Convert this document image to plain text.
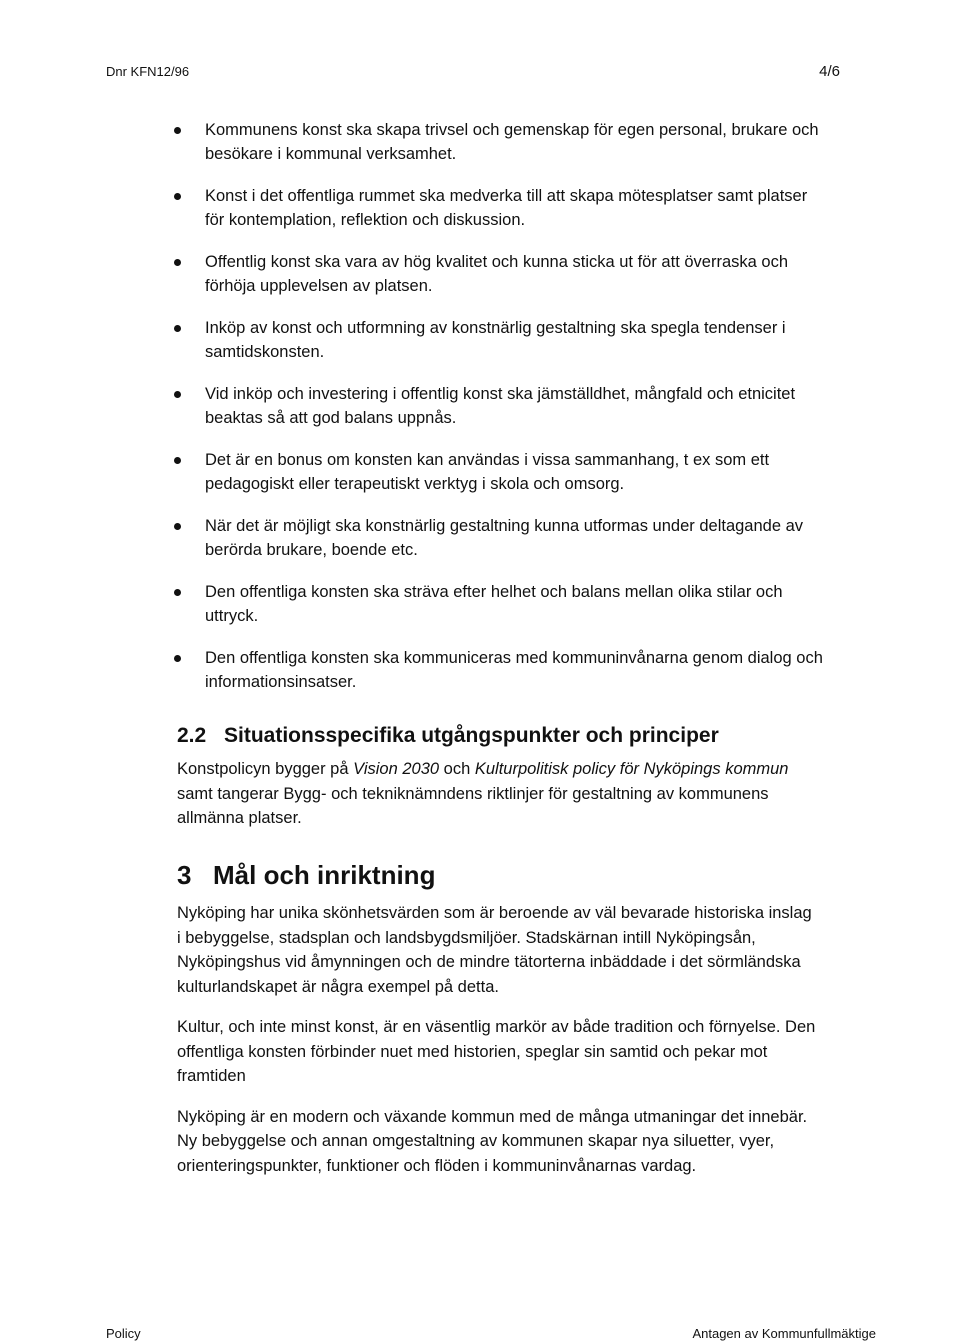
Dnr KFN12/96	4/6
Kommunens konst ska skapa trivsel och gemenskap för egen personal, brukare och besökare i kommunal verksamhet.
Konst i det offentliga rummet ska medverka till att skapa mötesplatser samt platser för kontemplation, reflektion och diskussion.
Offentlig konst ska vara av hög kvalitet och kunna sticka ut för att överraska och förhöja upplevelsen av platsen.
Inköp av konst och utformning av konstnärlig gestaltning ska spegla tendenser i samtidskonsten.
Vid inköp och investering i offentlig konst ska jämställdhet, mångfald och etnicitet beaktas så att god balans uppnås.
Det är en bonus om konsten kan användas i vissa sammanhang, t ex som ett pedagogiskt eller terapeutiskt verktyg i skola och omsorg.
När det är möjligt ska konstnärlig gestaltning kunna utformas under deltagande av berörda brukare, boende etc.
Den offentliga konsten ska sträva efter helhet och balans mellan olika stilar och uttryck.
Den offentliga konsten ska kommuniceras med kommuninvånarna genom dialog och informationsinsatser.
2.2 Situationsspecifika utgångspunkter och principer

Konstpolicyn bygger på Vision 2030 och Kulturpolitisk policy för Nyköpings kommun samt tangerar Bygg- och tekniknämndens riktlinjer för gestaltning av kommunens allmänna platser.

3 Mål och inriktning

Nyköping har unika skönhetsvärden som är beroende av väl bevarade historiska inslag i bebyggelse, stadsplan och landsbygdsmiljöer. Stadskärnan intill Nyköpingsån, Nyköpingshus vid åmynningen och de mindre tätorterna inbäddade i det sörmländska kulturlandskapet är några exempel på detta.

Kultur, och inte minst konst, är en väsentlig markör av både tradition och förnyelse. Den offentliga konsten förbinder nuet med historien, speglar sin samtid och pekar mot framtiden

Nyköping är en modern och växande kommun med de många utmaningar det innebär. Ny bebyggelse och annan omgestaltning av kommunen skapar nya siluetter, vyer, orienteringspunkter, funktioner och flöden i kommuninvånarnas vardag.

Policy	Antagen av Kommunfullmäktige
